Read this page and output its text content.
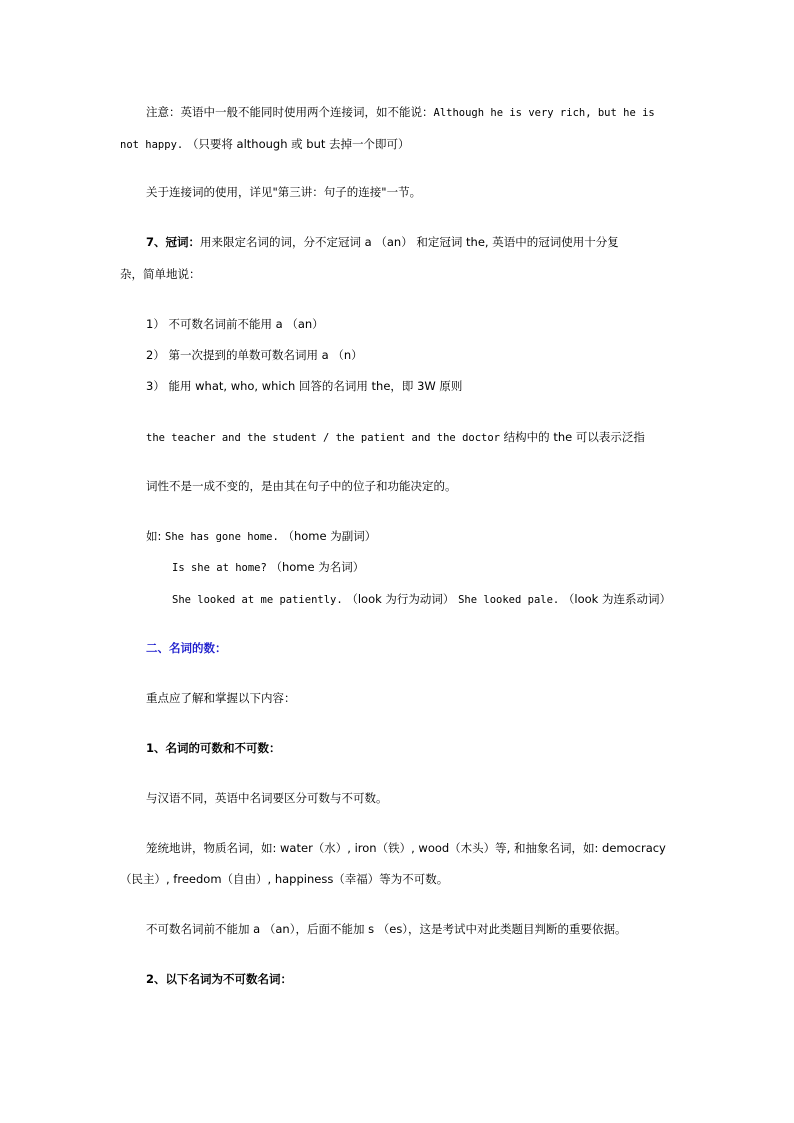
注意：英语中一般不能同时使用两个连接词，如不能说：Although he is very rich, but he is
not happy. （只要将 although 或 but 去掉一个即可）
关于连接词的使用，详见"第三讲：句子的连接"一节。
7、冠词：用来限定名词的词，分不定冠词 a （an） 和定冠词 the, 英语中的冠词使用十分复
杂，简单地说：
1） 不可数名词前不能用 a （an）
2） 第一次提到的单数可数名词用 a （n）
3） 能用 what, who, which 回答的名词用 the，即 3W 原则
the teacher and the student / the patient and the doctor 结构中的 the 可以表示泛指
词性不是一成不变的，是由其在句子中的位子和功能决定的。
如: She has gone home. （home 为副词）
Is she at home? （home 为名词）
She looked at me patiently. （look 为行为动词） She looked pale. （look 为连系动词）
二、名词的数：
重点应了解和掌握以下内容：
1、名词的可数和不可数：
与汉语不同，英语中名词要区分可数与不可数。
笼统地讲，物质名词，如: water（水）, iron（铁）, wood（木头）等, 和抽象名词，如: democracy
（民主）, freedom（自由）, happiness（幸福）等为不可数。
不可数名词前不能加 a （an），后面不能加 s （es），这是考试中对此类题目判断的重要依据。
2、以下名词为不可数名词：
